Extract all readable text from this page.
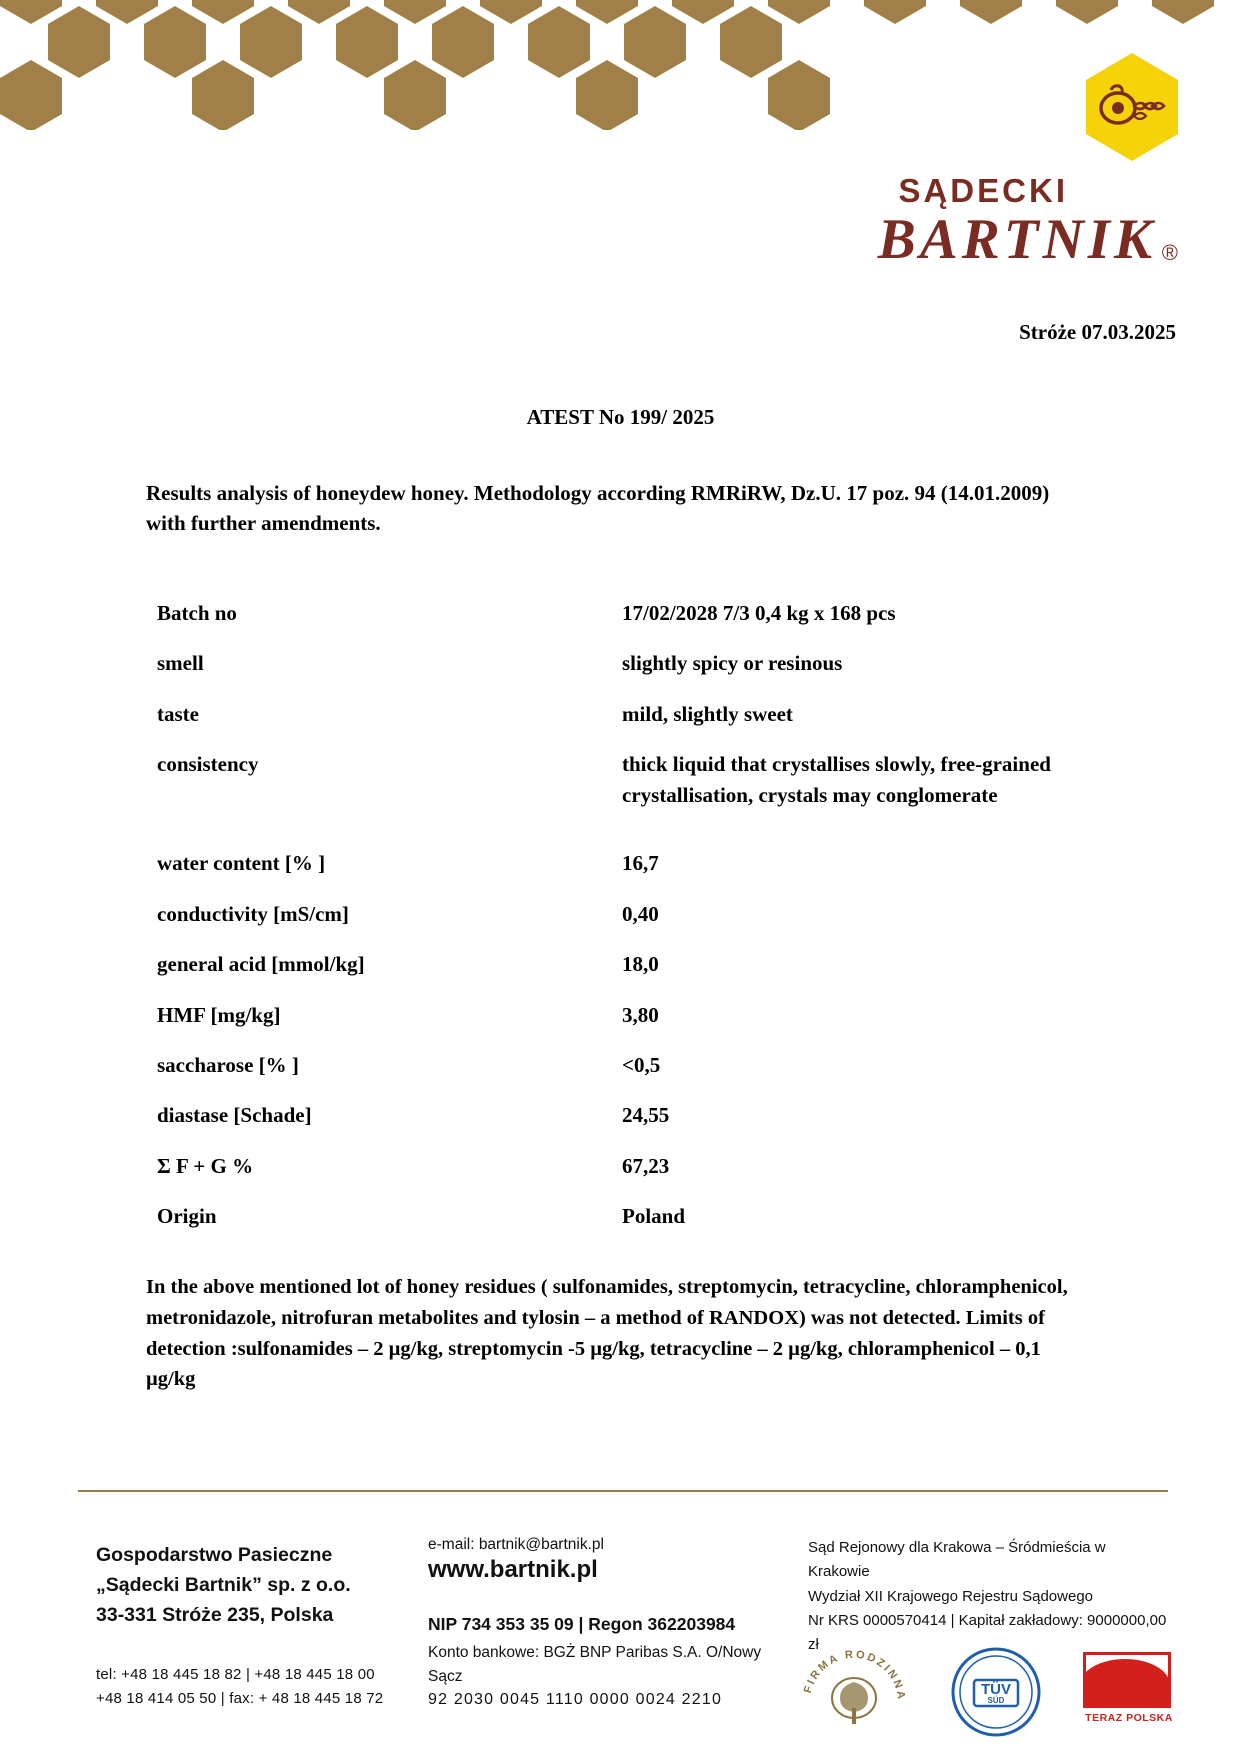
SĄDECKI
BARTNIK ®
Stróże 07.03.2025
ATEST No 199/ 2025
Results analysis of honeydew honey. Methodology according RMRiRW, Dz.U. 17 poz. 94 (14.01.2009) with further amendments.
Batch no	17/02/2028 7/3 0,4 kg x 168 pcs
smell	slightly spicy or resinous
taste	mild, slightly sweet
consistency	thick liquid that crystallises slowly, free-grained crystallisation, crystals may conglomerate
water content [% ]	16,7
conductivity [mS/cm]	0,40
general acid [mmol/kg]	18,0
HMF [mg/kg]	3,80
saccharose [% ]	<0,5
diastase [Schade]	24,55
Σ F + G %	67,23
Origin	Poland
In the above mentioned lot of honey residues ( sulfonamides, streptomycin, tetracycline, chloramphenicol, metronidazole, nitrofuran metabolites and tylosin – a method of RANDOX) was not detected. Limits of detection :sulfonamides – 2 µg/kg, streptomycin -5 µg/kg, tetracycline – 2 µg/kg, chloramphenicol – 0,1 µg/kg
Gospodarstwo Pasieczne
„Sądecki Bartnik” sp. z o.o.
33-331 Stróże 235, Polska
tel: +48 18 445 18 82 | +48 18 445 18 00
+48 18 414 05 50 | fax: + 48 18 445 18 72
e-mail: bartnik@bartnik.pl
www.bartnik.pl
NIP 734 353 35 09 | Regon 362203984
Konto bankowe: BGŻ BNP Paribas S.A. O/Nowy Sącz
92 2030 0045 1110 0000 0024 2210
Sąd Rejonowy dla Krakowa – Śródmieścia w Krakowie
Wydział XII Krajowego Rejestru Sądowego
Nr KRS 0000570414 | Kapitał zakładowy: 9000000,00 zł
FIRMA RODZINNA	TÜV
SÜD
TERAZ POLSKA
